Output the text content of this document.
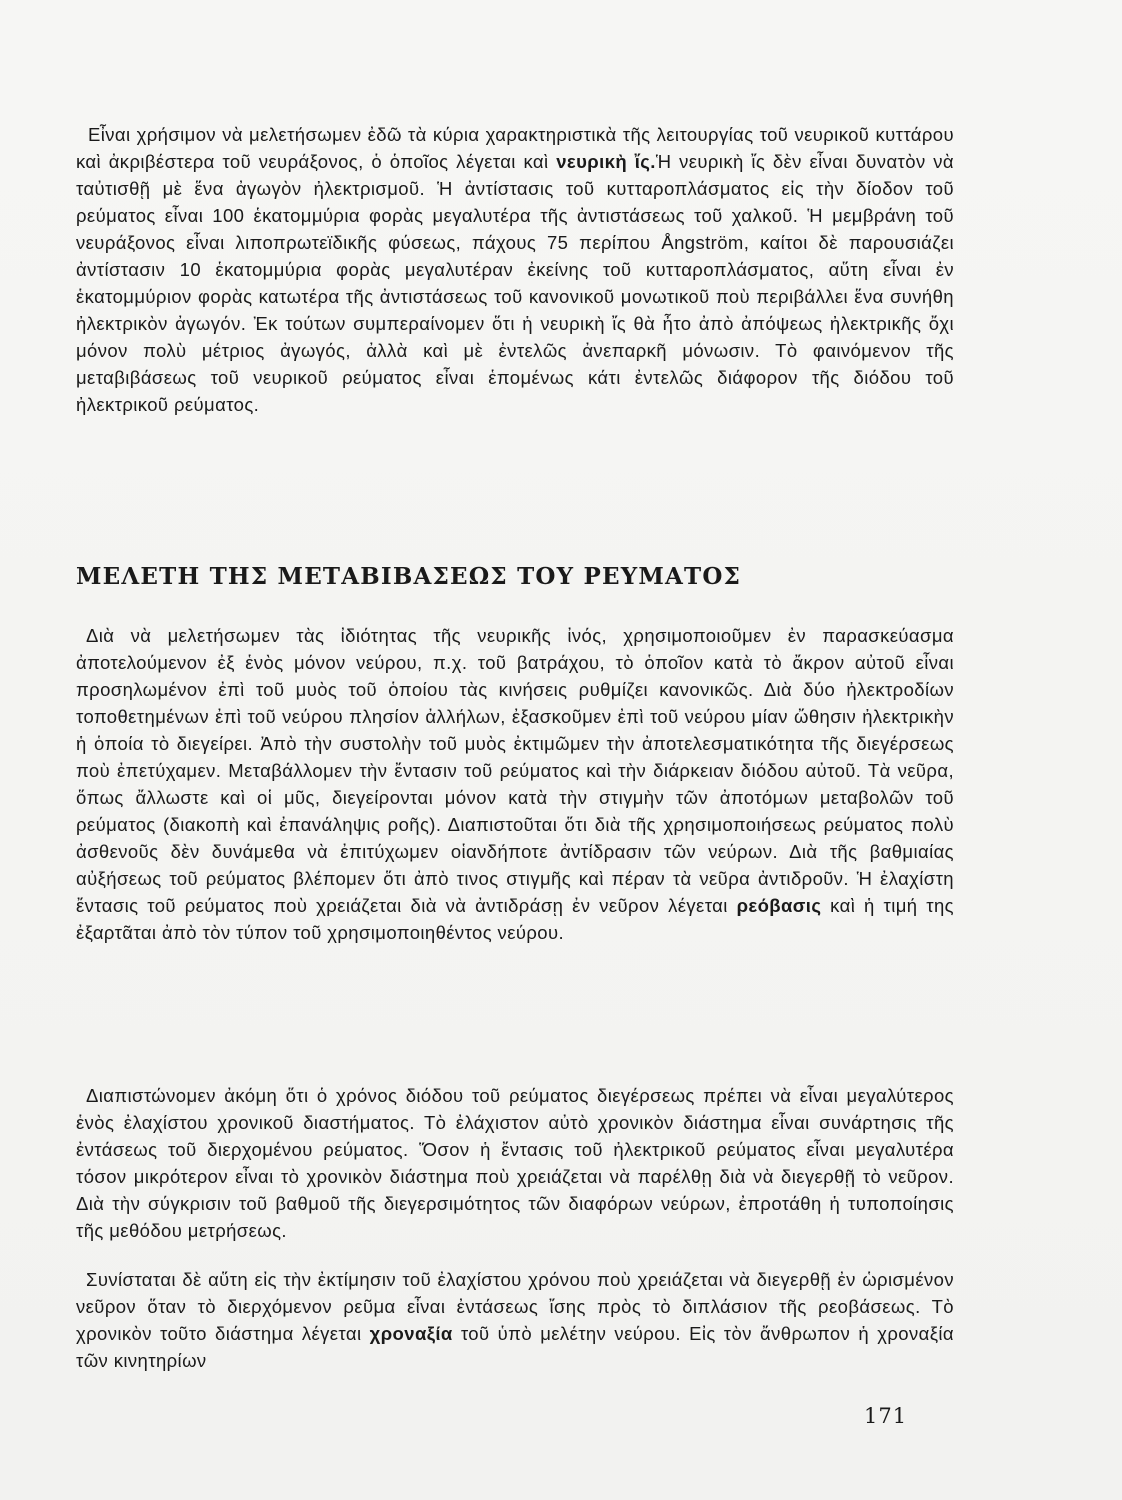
Εἶναι χρήσιμον νὰ μελετήσωμεν ἐδῶ τὰ κύρια χαρακτηριστικὰ τῆς λειτουργίας τοῦ νευρικοῦ κυττάρου καὶ ἀκριβέστερα τοῦ νευράξονος, ὁ ὁποῖος λέγεται καὶ νευρικὴ ἴς.Ἡ νευρικὴ ἴς δὲν εἶναι δυνατὸν νὰ ταὐτισθῇ μὲ ἕνα ἀγωγὸν ἠλεκτρισμοῦ. Ἡ ἀντίστασις τοῦ κυτταροπλάσματος εἰς τὴν δίοδον τοῦ ρεύματος εἶναι 100 ἑκατομμύρια φορὰς μεγαλυτέρα τῆς ἀντιστάσεως τοῦ χαλκοῦ. Ἡ μεμβράνη τοῦ νευράξονος εἶναι λιποπρωτεϊδικῆς φύσεως, πάχους 75 περίπου Ångström, καίτοι δὲ παρουσιάζει ἀντίστασιν 10 ἑκατομμύρια φορὰς μεγαλυτέραν ἐκείνης τοῦ κυτταροπλάσματος, αὕτη εἶναι ἐν ἑκατομμύριον φορὰς κατωτέρα τῆς ἀντιστάσεως τοῦ κανονικοῦ μονωτικοῦ ποὺ περιβάλλει ἕνα συνήθη ἠλεκτρικὸν ἀγωγόν. Ἐκ τούτων συμπεραίνομεν ὅτι ἡ νευρικὴ ἴς θὰ ἦτο ἀπὸ ἀπόψεως ἠλεκτρικῆς ὄχι μόνον πολὺ μέτριος ἀγωγός, ἀλλὰ καὶ μὲ ἐντελῶς ἀνεπαρκῆ μόνωσιν. Τὸ φαινόμενον τῆς μεταβιβάσεως τοῦ νευρικοῦ ρεύματος εἶναι ἑπομένως κάτι ἐντελῶς διάφορον τῆς διόδου τοῦ ἠλεκτρικοῦ ρεύματος.
ΜΕΛΕΤΗ ΤΗΣ ΜΕΤΑΒΙΒΑΣΕΩΣ ΤΟΥ ΡΕΥΜΑΤΟΣ
Διὰ νὰ μελετήσωμεν τὰς ἰδιότητας τῆς νευρικῆς ἰνός, χρησιμοποιοῦμεν ἐν παρασκεύασμα ἀποτελούμενον ἐξ ἑνὸς μόνον νεύρου, π.χ. τοῦ βατράχου, τὸ ὁποῖον κατὰ τὸ ἄκρον αὐτοῦ εἶναι προσηλωμένον ἐπὶ τοῦ μυὸς τοῦ ὁποίου τὰς κινήσεις ρυθμίζει κανονικῶς. Διὰ δύο ἠλεκτροδίων τοποθετημένων ἐπὶ τοῦ νεύρου πλησίον ἀλλήλων, ἐξασκοῦμεν ἐπὶ τοῦ νεύρου μίαν ὤθησιν ἠλεκτρικὴν ἡ ὁποία τὸ διεγείρει. Ἀπὸ τὴν συστολὴν τοῦ μυὸς ἐκτιμῶμεν τὴν ἀποτελεσματικότητα τῆς διεγέρσεως ποὺ ἐπετύχαμεν. Μεταβάλλομεν τὴν ἔντασιν τοῦ ρεύματος καὶ τὴν διάρκειαν διόδου αὐτοῦ. Τὰ νεῦρα, ὅπως ἄλλωστε καὶ οἱ μῦς, διεγείρονται μόνον κατὰ τὴν στιγμὴν τῶν ἀποτόμων μεταβολῶν τοῦ ρεύματος (διακοπὴ καὶ ἐπανάληψις ροῆς). Διαπιστοῦται ὅτι διὰ τῆς χρησιμοποιήσεως ρεύματος πολὺ ἀσθενοῦς δὲν δυνάμεθα νὰ ἐπιτύχωμεν οἱανδήποτε ἀντίδρασιν τῶν νεύρων. Διὰ τῆς βαθμιαίας αὐξήσεως τοῦ ρεύματος βλέπομεν ὅτι ἀπὸ τινος στιγμῆς καὶ πέραν τὰ νεῦρα ἀντιδροῦν. Ἡ ἐλαχίστη ἔντασις τοῦ ρεύματος ποὺ χρειάζεται διὰ νὰ ἀντιδράσῃ ἐν νεῦρον λέγεται ρεόβασις καὶ ἡ τιμή της ἐξαρτᾶται ἀπὸ τὸν τύπον τοῦ χρησιμοποιηθέντος νεύρου.
Διαπιστώνομεν ἀκόμη ὅτι ὁ χρόνος διόδου τοῦ ρεύματος διεγέρσεως πρέπει νὰ εἶναι μεγαλύτερος ἑνὸς ἐλαχίστου χρονικοῦ διαστήματος. Τὸ ἐλάχιστον αὐτὸ χρονικὸν διάστημα εἶναι συνάρτησις τῆς ἐντάσεως τοῦ διερχομένου ρεύματος. Ὅσον ἡ ἔντασις τοῦ ἠλεκτρικοῦ ρεύματος εἶναι μεγαλυτέρα τόσον μικρότερον εἶναι τὸ χρονικὸν διάστημα ποὺ χρειάζεται νὰ παρέλθῃ διὰ νὰ διεγερθῇ τὸ νεῦρον. Διὰ τὴν σύγκρισιν τοῦ βαθμοῦ τῆς διεγερσιμότητος τῶν διαφόρων νεύρων, ἐπροτάθη ἡ τυποποίησις τῆς μεθόδου μετρήσεως.
Συνίσταται δὲ αὕτη εἰς τὴν ἐκτίμησιν τοῦ ἐλαχίστου χρόνου ποὺ χρειάζεται νὰ διεγερθῇ ἐν ὡρισμένον νεῦρον ὅταν τὸ διερχόμενον ρεῦμα εἶναι ἐντάσεως ἴσης πρὸς τὸ διπλάσιον τῆς ρεοβάσεως. Τὸ χρονικὸν τοῦτο διάστημα λέγεται χροναξία τοῦ ὑπὸ μελέτην νεύρου. Εἰς τὸν ἄνθρωπον ἡ χροναξία τῶν κινητηρίων
171
